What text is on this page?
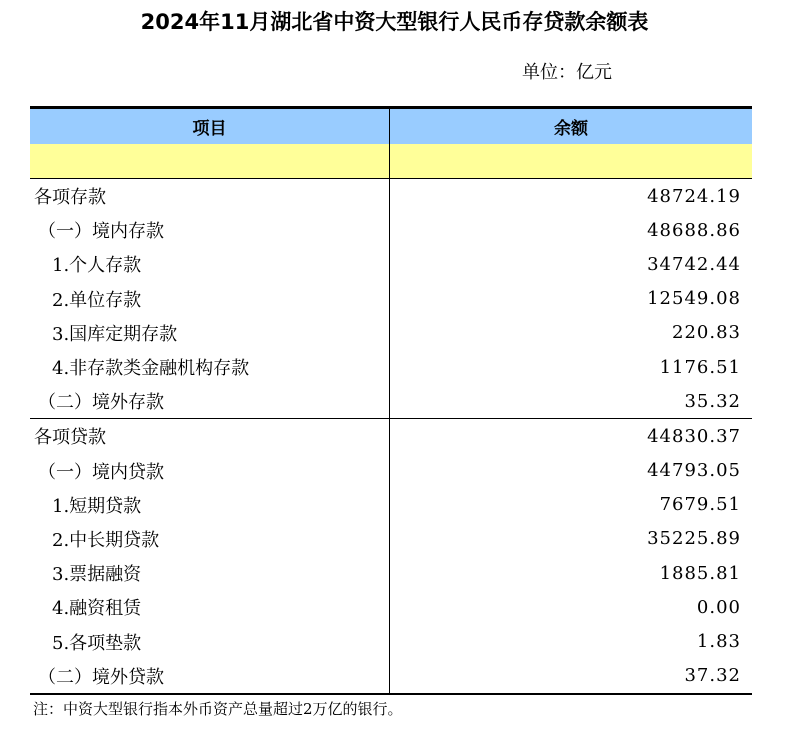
2024年11月湖北省中资大型银行人民币存贷款余额表
单位：亿元
项目	余额
各项存款	48724.19
（一）境内存款	48688.86
1.个人存款	34742.44
2.单位存款	12549.08
3.国库定期存款	220.83
4.非存款类金融机构存款	1176.51
（二）境外存款	35.32
各项贷款	44830.37
（一）境内贷款	44793.05
1.短期贷款	7679.51
2.中长期贷款	35225.89
3.票据融资	1885.81
4.融资租赁	0.00
5.各项垫款	1.83
（二）境外贷款	37.32
注：中资大型银行指本外币资产总量超过2万亿的银行。
